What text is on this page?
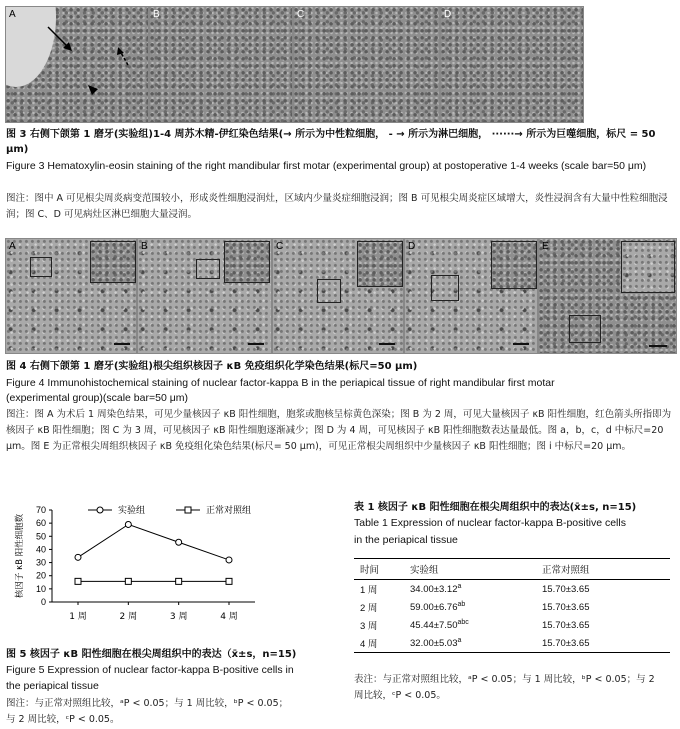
A	B	C	D
图 3 右侧下颌第 1 磨牙(实验组)1-4 周苏木精-伊红染色结果(→ 所示为中性粒细胞， - → 所示为淋巴细胞， ······→ 所示为巨噬细胞，标尺 = 50 μm)
Figure 3 Hematoxylin-eosin staining of the right mandibular first motar (experimental group) at postoperative 1-4 weeks (scale bar=50 μm)
图注：图中 A 可见根尖周炎病变范围较小，形成炎性细胞浸润灶，区域内少量炎症细胞浸润；图 B 可见根尖周炎症区域增大，炎性浸润含有大量中性粒细胞浸润；图 C、D 可见病灶区淋巴细胞大量浸润。
A	B	C	D	E
图 4 右侧下颌第 1 磨牙(实验组)根尖组织核因子 κB 免疫组织化学染色结果(标尺=50 μm)
Figure 4 Immunohistochemical staining of nuclear factor-kappa B in the periapical tissue of right mandibular first motar
(experimental group)(scale bar=50 μm)
图注：图 A 为术后 1 周染色结果，可见少量核因子 κB 阳性细胞，胞浆或胞核呈棕黄色深染；图 B 为 2 周，可见大量核因子 κB 阳性细胞，红色箭头所指即为核因子 κB 阳性细胞；图 C 为 3 周，可见核因子 κB 阳性细胞逐渐减少；图 D 为 4 周，可见核因子 κB 阳性细胞数表达量最低。图 a，b，c，d 中标尺=20 μm。图 E 为正常根尖周组织核因子 κB 免疫组化染色结果(标尺= 50 μm)，可见正常根尖周组织中少量核因子 κB 阳性细胞；图 i 中标尺=20 μm。
0
10
20
30
40
50
60
70
1 周	2 周	3 周	4 周
核因子 κB 阳性细胞数
实验组	正常对照组
图 5 核因子 κB 阳性细胞在根尖周组织中的表达（x̄±s，n=15)
Figure 5 Expression of nuclear factor-kappa B-positive cells in
the periapical tissue
图注：与正常对照组比较，ᵃP < 0.05；与 1 周比较，ᵇP < 0.05；
与 2 周比较，ᶜP < 0.05。
表 1 核因子 κB 阳性细胞在根尖周组织中的表达(x̄±s, n=15)
Table 1 Expression of nuclear factor-kappa B-positive cells
in the periapical tissue
时间	实验组	正常对照组
1 周	34.00±3.12$^a$	15.70±3.65
2 周	59.00±6.76$^{ab}$	15.70±3.65
3 周	45.44±7.50$^{abc}$	15.70±3.65
4 周	32.00±5.03$^a$	15.70±3.65
表注：与正常对照组比较，ᵃP < 0.05；与 1 周比较，ᵇP < 0.05；与 2
周比较，ᶜP < 0.05。
